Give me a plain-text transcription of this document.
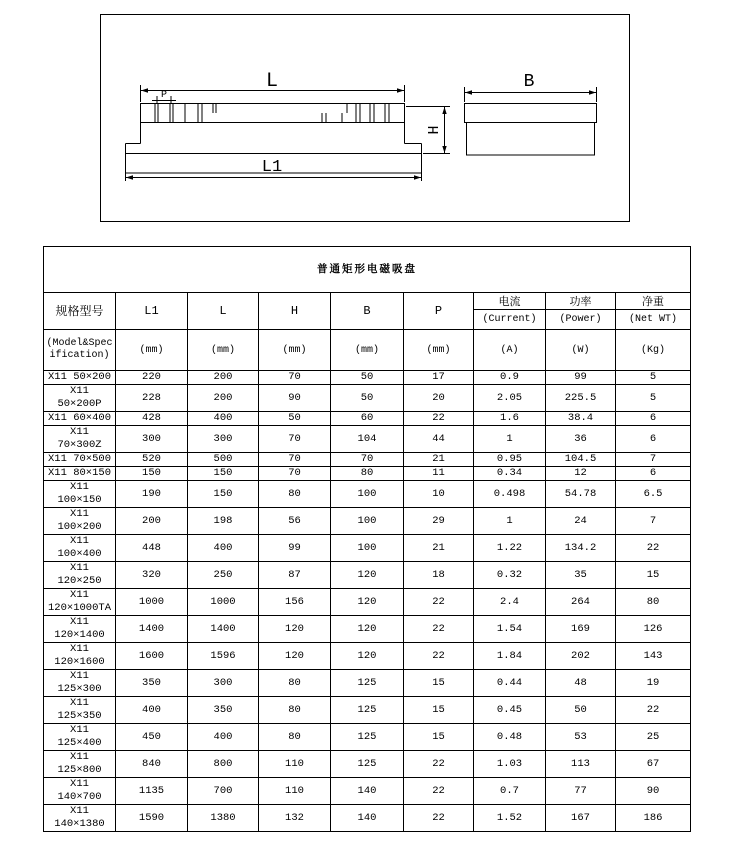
L
P
H
L1
B
普通矩形电磁吸盘								
规格型号	L1	L	H	B	P	电流	功率	净重
						(Current)	(Power)	(Net WT)

(Model&Spec
ification)	(mm)	(mm)	(mm)	(mm)	(mm)	(A)	(W)	(Kg)

X11 50×200	220	200	70	50	17	0.9	99	5

X11
50×200P	228	200	90	50	20	2.05	225.5	5

X11 60×400	428	400	50	60	22	1.6	38.4	6

X11
70×300Z	300	300	70	104	44	1	36	6

X11 70×500	520	500	70	70	21	0.95	104.5	7

X11 80×150	150	150	70	80	11	0.34	12	6

X11
100×150	190	150	80	100	10	0.498	54.78	6.5

X11
100×200	200	198	56	100	29	1	24	7

X11
100×400	448	400	99	100	21	1.22	134.2	22

X11
120×250	320	250	87	120	18	0.32	35	15

X11
120×1000TA	1000	1000	156	120	22	2.4	264	80

X11
120×1400	1400	1400	120	120	22	1.54	169	126

X11
120×1600	1600	1596	120	120	22	1.84	202	143

X11
125×300	350	300	80	125	15	0.44	48	19

X11
125×350	400	350	80	125	15	0.45	50	22

X11
125×400	450	400	80	125	15	0.48	53	25

X11
125×800	840	800	110	125	22	1.03	113	67

X11
140×700	1135	700	110	140	22	0.7	77	90

X11
140×1380	1590	1380	132	140	22	1.52	167	186
